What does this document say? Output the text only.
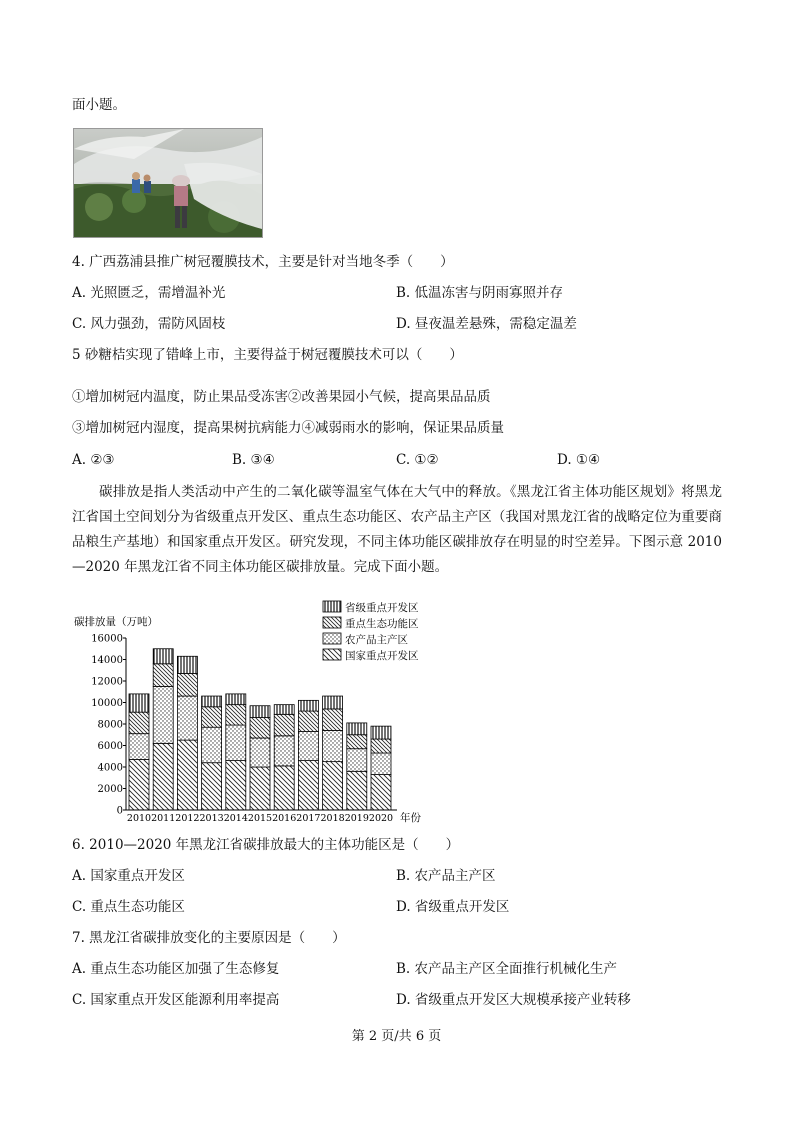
面小题。
4. 广西荔浦县推广树冠覆膜技术，主要是针对当地冬季（　　）
A. 光照匮乏，需增温补光	B. 低温冻害与阴雨寡照并存
C. 风力强劲，需防风固枝	D. 昼夜温差悬殊，需稳定温差
5 砂糖桔实现了错峰上市，主要得益于树冠覆膜技术可以（　　）
①增加树冠内温度，防止果品受冻害②改善果园小气候，提高果品品质
③增加树冠内湿度，提高果树抗病能力④减弱雨水的影响，保证果品质量
A. ②③	B. ③④	C. ①②	D. ①④
碳排放是指人类活动中产生的二氧化碳等温室气体在大气中的释放。《黑龙江省主体功能区规划》将黑龙江省国土空间划分为省级重点开发区、重点生态功能区、农产品主产区（我国对黑龙江省的战略定位为重要商品粮生产基地）和国家重点开发区。研究发现，不同主体功能区碳排放存在明显的时空差异。下图示意 2010—2020 年黑龙江省不同主体功能区碳排放量。完成下面小题。
碳排放量（万吨）
16000
14000
12000
10000
8000
6000
4000
2000
0
2010 2011 2012 2013 2014 2015 2016 2017 2018 2019 2020 年份
省级重点开发区
重点生态功能区
农产品主产区
国家重点开发区
6. 2010—2020 年黑龙江省碳排放最大的主体功能区是（　　）
A. 国家重点开发区	B. 农产品主产区
C. 重点生态功能区	D. 省级重点开发区
7. 黑龙江省碳排放变化的主要原因是（　　）
A. 重点生态功能区加强了生态修复	B. 农产品主产区全面推行机械化生产
C. 国家重点开发区能源利用率提高	D. 省级重点开发区大规模承接产业转移
第 2 页/共 6 页
